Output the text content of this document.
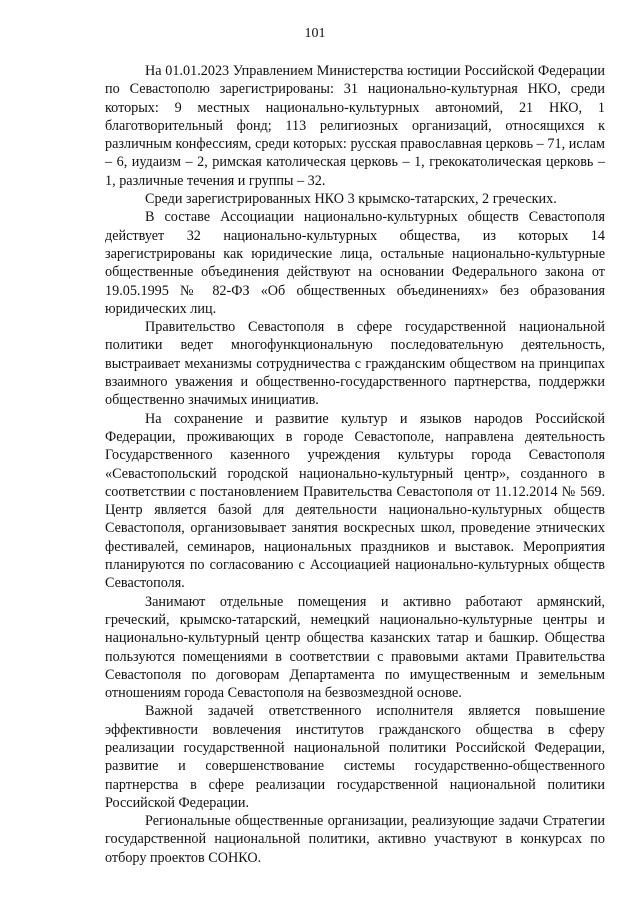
101

На 01.01.2023 Управлением Министерства юстиции Российской Федерации по Севастополю зарегистрированы: 31 национально-культурная НКО, среди которых: 9 местных национально-культурных автономий, 21 НКО, 1 благотворительный фонд; 113 религиозных организаций, относящихся к различным конфессиям, среди которых: русская православная церковь – 71, ислам – 6, иудаизм – 2, римская католическая церковь – 1, грекокатолическая церковь – 1, различные течения и группы – 32.

Среди зарегистрированных НКО 3 крымско-татарских, 2 греческих.

В составе Ассоциации национально-культурных обществ Севастополя действует 32 национально-культурных общества, из которых 14 зарегистрированы как юридические лица, остальные национально-культурные общественные объединения действуют на основании Федерального закона от 19.05.1995 № 82-ФЗ «Об общественных объединениях» без образования юридических лиц.

Правительство Севастополя в сфере государственной национальной политики ведет многофункциональную последовательную деятельность, выстраивает механизмы сотрудничества с гражданским обществом на принципах взаимного уважения и общественно-государственного партнерства, поддержки общественно значимых инициатив.

На сохранение и развитие культур и языков народов Российской Федерации, проживающих в городе Севастополе, направлена деятельность Государственного казенного учреждения культуры города Севастополя «Севастопольский городской национально-культурный центр», созданного в соответствии с постановлением Правительства Севастополя от 11.12.2014 № 569. Центр является базой для деятельности национально-культурных обществ Севастополя, организовывает занятия воскресных школ, проведение этнических фестивалей, семинаров, национальных праздников и выставок. Мероприятия планируются по согласованию с Ассоциацией национально-культурных обществ Севастополя.

Занимают отдельные помещения и активно работают армянский, греческий, крымско-татарский, немецкий национально-культурные центры и национально-культурный центр общества казанских татар и башкир. Общества пользуются помещениями в соответствии с правовыми актами Правительства Севастополя по договорам Департамента по имущественным и земельным отношениям города Севастополя на безвозмездной основе.

Важной задачей ответственного исполнителя является повышение эффективности вовлечения институтов гражданского общества в сферу реализации государственной национальной политики Российской Федерации, развитие и совершенствование системы государственно-общественного партнерства в сфере реализации государственной национальной политики Российской Федерации.

Региональные общественные организации, реализующие задачи Стратегии государственной национальной политики, активно участвуют в конкурсах по отбору проектов СОНКО.
